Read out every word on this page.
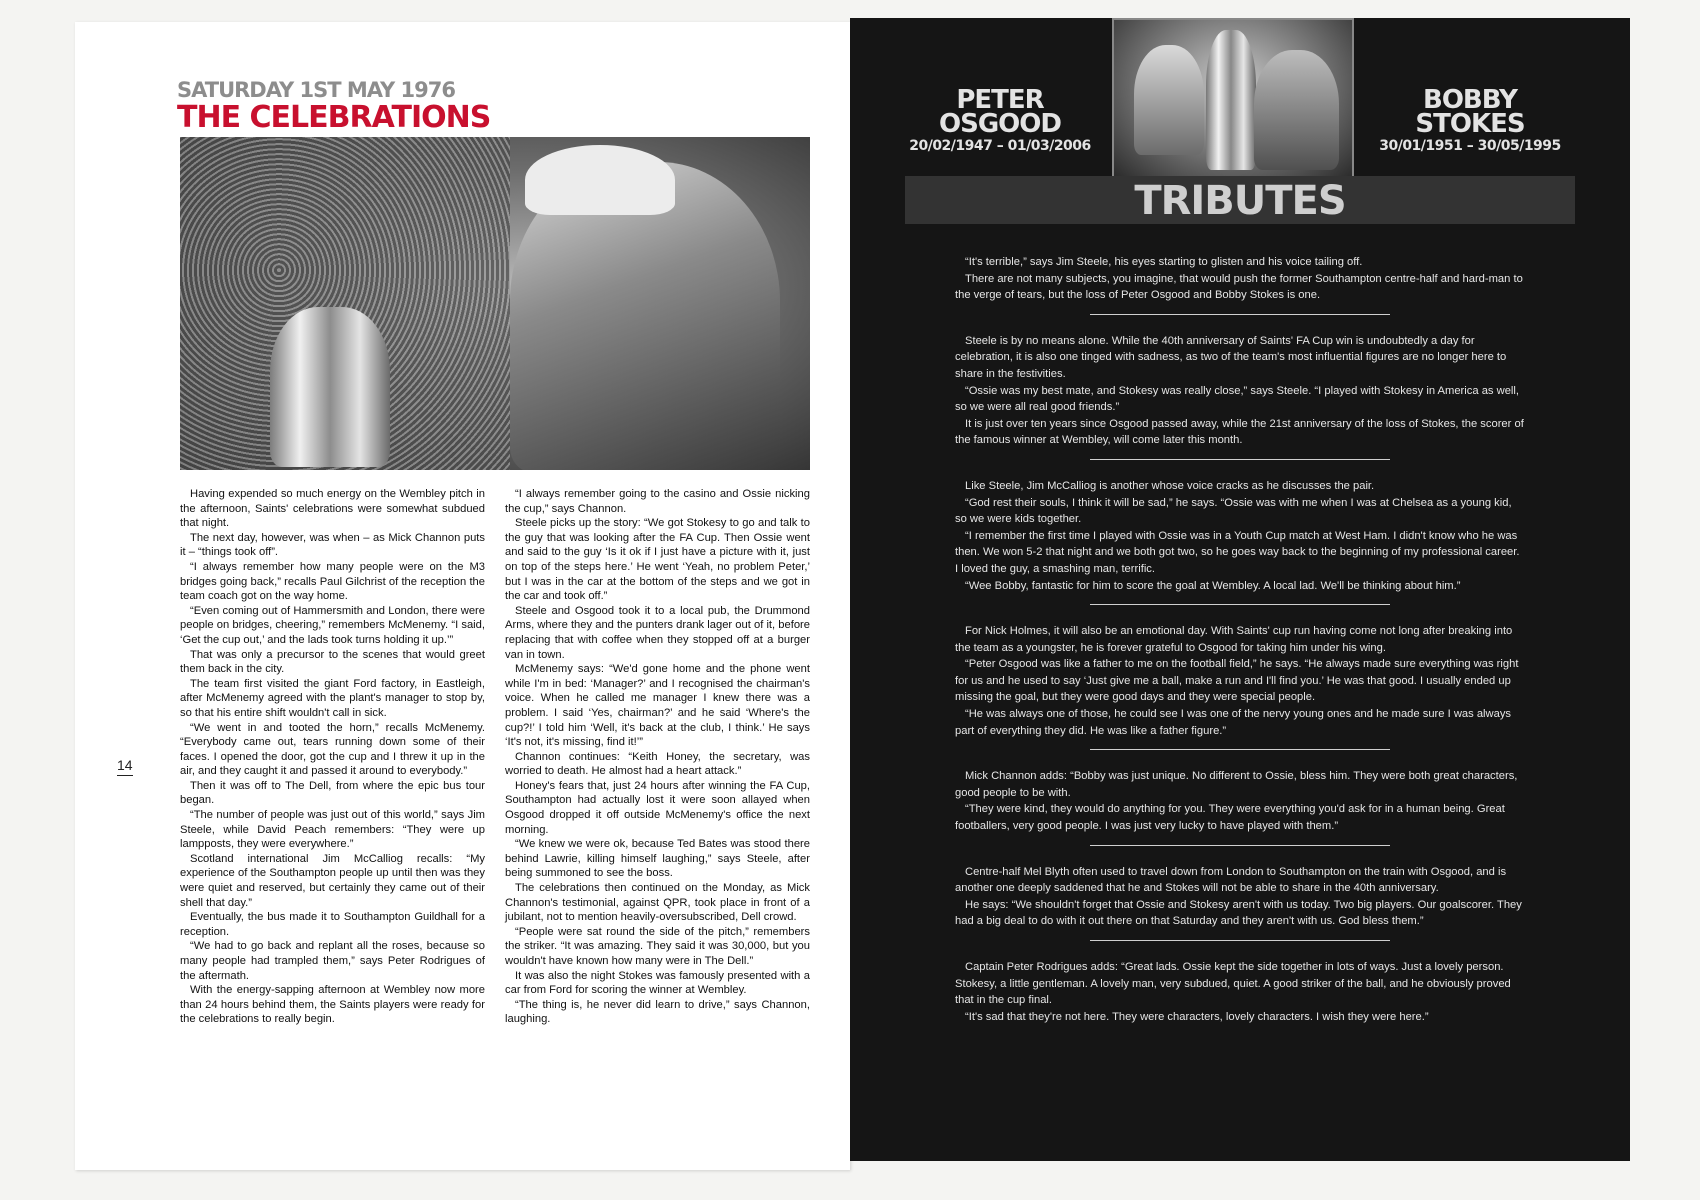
SATURDAY 1ST MAY 1976
THE CELEBRATIONS
14

Having expended so much energy on the Wembley pitch in the afternoon, Saints' celebrations were somewhat subdued that night.

The next day, however, was when – as Mick Channon puts it – “things took off”.

“I always remember how many people were on the M3 bridges going back,” recalls Paul Gilchrist of the reception the team coach got on the way home.

“Even coming out of Hammersmith and London, there were people on bridges, cheering,” remembers McMenemy. “I said, ‘Get the cup out,’ and the lads took turns holding it up.’”

That was only a precursor to the scenes that would greet them back in the city.

The team first visited the giant Ford factory, in Eastleigh, after McMenemy agreed with the plant's manager to stop by, so that his entire shift wouldn't call in sick.

“We went in and tooted the horn,” recalls McMenemy. “Everybody came out, tears running down some of their faces. I opened the door, got the cup and I threw it up in the air, and they caught it and passed it around to everybody.”

Then it was off to The Dell, from where the epic bus tour began.

“The number of people was just out of this world,” says Jim Steele, while David Peach remembers: “They were up lampposts, they were everywhere.”

Scotland international Jim McCalliog recalls: “My experience of the Southampton people up until then was they were quiet and reserved, but certainly they came out of their shell that day.”

Eventually, the bus made it to Southampton Guildhall for a reception.

“We had to go back and replant all the roses, because so many people had trampled them,” says Peter Rodrigues of the aftermath.

With the energy-sapping afternoon at Wembley now more than 24 hours behind them, the Saints players were ready for the celebrations to really begin.

“I always remember going to the casino and Ossie nicking the cup,” says Channon.

Steele picks up the story: “We got Stokesy to go and talk to the guy that was looking after the FA Cup. Then Ossie went and said to the guy ‘Is it ok if I just have a picture with it, just on top of the steps here.’ He went ‘Yeah, no problem Peter,’ but I was in the car at the bottom of the steps and we got in the car and took off.”

Steele and Osgood took it to a local pub, the Drummond Arms, where they and the punters drank lager out of it, before replacing that with coffee when they stopped off at a burger van in town.

McMenemy says: “We'd gone home and the phone went while I'm in bed: ‘Manager?’ and I recognised the chairman's voice. When he called me manager I knew there was a problem. I said ‘Yes, chairman?’ and he said ‘Where's the cup?!’ I told him ‘Well, it's back at the club, I think.’ He says ‘It's not, it's missing, find it!’”

Channon continues: “Keith Honey, the secretary, was worried to death. He almost had a heart attack.”

Honey's fears that, just 24 hours after winning the FA Cup, Southampton had actually lost it were soon allayed when Osgood dropped it off outside McMenemy's office the next morning.

“We knew we were ok, because Ted Bates was stood there behind Lawrie, killing himself laughing,” says Steele, after being summoned to see the boss.

The celebrations then continued on the Monday, as Mick Channon's testimonial, against QPR, took place in front of a jubilant, not to mention heavily-oversubscribed, Dell crowd.

“People were sat round the side of the pitch,” remembers the striker. “It was amazing. They said it was 30,000, but you wouldn't have known how many were in The Dell.”

It was also the night Stokes was famously presented with a car from Ford for scoring the winner at Wembley.

“The thing is, he never did learn to drive,” says Channon, laughing.

PETER
OSGOOD
20/02/1947 – 01/03/2006
BOBBY
STOKES
30/01/1951 – 30/05/1995
TRIBUTES

“It's terrible,” says Jim Steele, his eyes starting to glisten and his voice tailing off.

There are not many subjects, you imagine, that would push the former Southampton centre-half and hard-man to the verge of tears, but the loss of Peter Osgood and Bobby Stokes is one.

Steele is by no means alone. While the 40th anniversary of Saints' FA Cup win is undoubtedly a day for celebration, it is also one tinged with sadness, as two of the team's most influential figures are no longer here to share in the festivities.

“Ossie was my best mate, and Stokesy was really close,” says Steele. “I played with Stokesy in America as well, so we were all real good friends.”

It is just over ten years since Osgood passed away, while the 21st anniversary of the loss of Stokes, the scorer of the famous winner at Wembley, will come later this month.

Like Steele, Jim McCalliog is another whose voice cracks as he discusses the pair.

“God rest their souls, I think it will be sad,” he says. “Ossie was with me when I was at Chelsea as a young kid, so we were kids together.

“I remember the first time I played with Ossie was in a Youth Cup match at West Ham. I didn't know who he was then. We won 5-2 that night and we both got two, so he goes way back to the beginning of my professional career. I loved the guy, a smashing man, terrific.

“Wee Bobby, fantastic for him to score the goal at Wembley. A local lad. We'll be thinking about him.”

For Nick Holmes, it will also be an emotional day. With Saints' cup run having come not long after breaking into the team as a youngster, he is forever grateful to Osgood for taking him under his wing.

“Peter Osgood was like a father to me on the football field,” he says. “He always made sure everything was right for us and he used to say ‘Just give me a ball, make a run and I'll find you.’ He was that good. I usually ended up missing the goal, but they were good days and they were special people.

“He was always one of those, he could see I was one of the nervy young ones and he made sure I was always part of everything they did. He was like a father figure.”

Mick Channon adds: “Bobby was just unique. No different to Ossie, bless him. They were both great characters, good people to be with.

“They were kind, they would do anything for you. They were everything you'd ask for in a human being. Great footballers, very good people. I was just very lucky to have played with them.”

Centre-half Mel Blyth often used to travel down from London to Southampton on the train with Osgood, and is another one deeply saddened that he and Stokes will not be able to share in the 40th anniversary.

He says: “We shouldn't forget that Ossie and Stokesy aren't with us today. Two big players. Our goalscorer. They had a big deal to do with it out there on that Saturday and they aren't with us. God bless them.”

Captain Peter Rodrigues adds: “Great lads. Ossie kept the side together in lots of ways. Just a lovely person. Stokesy, a little gentleman. A lovely man, very subdued, quiet. A good striker of the ball, and he obviously proved that in the cup final.

“It's sad that they're not here. They were characters, lovely characters. I wish they were here.”
